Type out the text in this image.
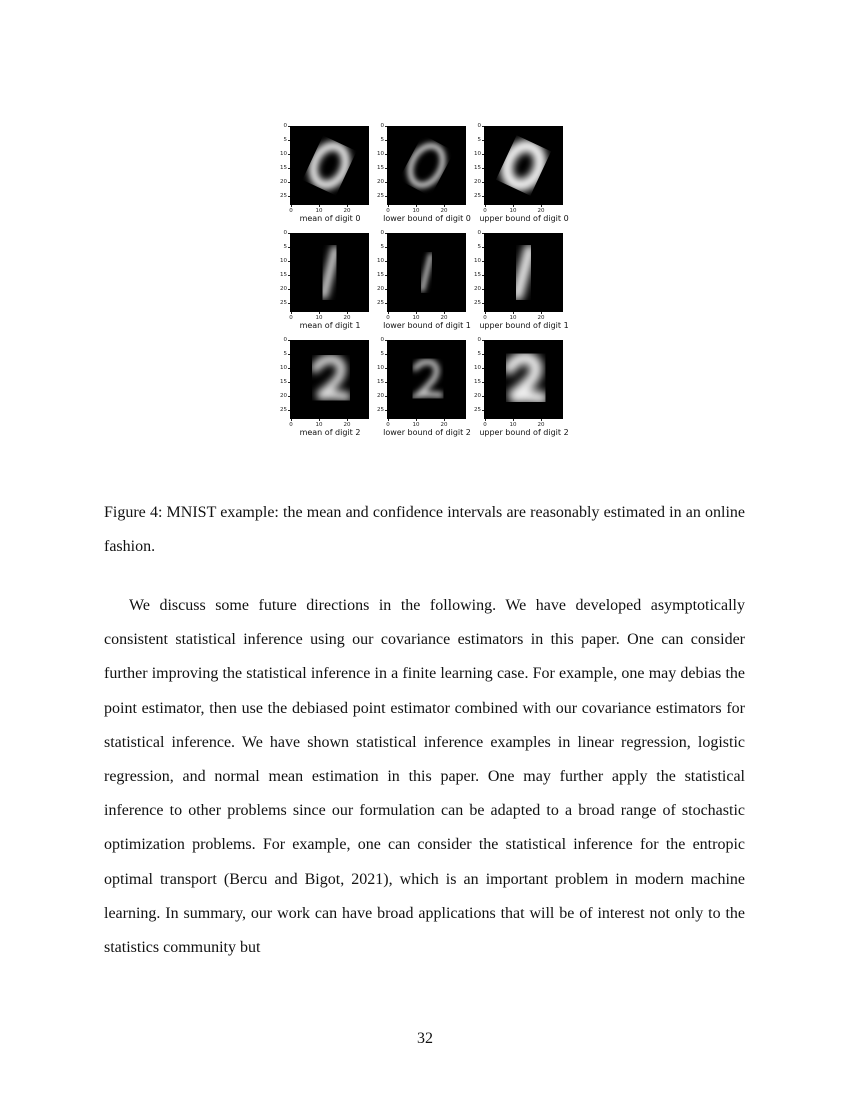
0
5
10
15
20
25
0	10	20
mean of digit 0
0
5
10
15
20
25
0	10	20
lower bound of digit 0
0
5
10
15
20
25
0	10	20
upper bound of digit 0
0
5
10
15
20
25
0	10	20
mean of digit 1
0
5
10
15
20
25
0	10	20
lower bound of digit 1
0
5
10
15
20
25
0	10	20
upper bound of digit 1
0
5
10
15
20
25
0	10	20
mean of digit 2
0
5
10
15
20
25
0	10	20
lower bound of digit 2
0
5
10
15
20
25
0	10	20
upper bound of digit 2
Figure 4: MNIST example: the mean and confidence intervals are reasonably estimated in an online fashion.
We discuss some future directions in the following. We have developed asymptotically consistent statistical inference using our covariance estimators in this paper. One can consider further improving the statistical inference in a finite learning case. For example, one may debias the point estimator, then use the debiased point estimator combined with our covariance estimators for statistical inference. We have shown statistical inference examples in linear regression, logistic regression, and normal mean estimation in this paper. One may further apply the statistical inference to other problems since our formulation can be adapted to a broad range of stochastic optimization problems. For example, one can consider the statistical inference for the entropic optimal transport (Bercu and Bigot, 2021), which is an important problem in modern machine learning. In summary, our work can have broad applications that will be of interest not only to the statistics community but
32
